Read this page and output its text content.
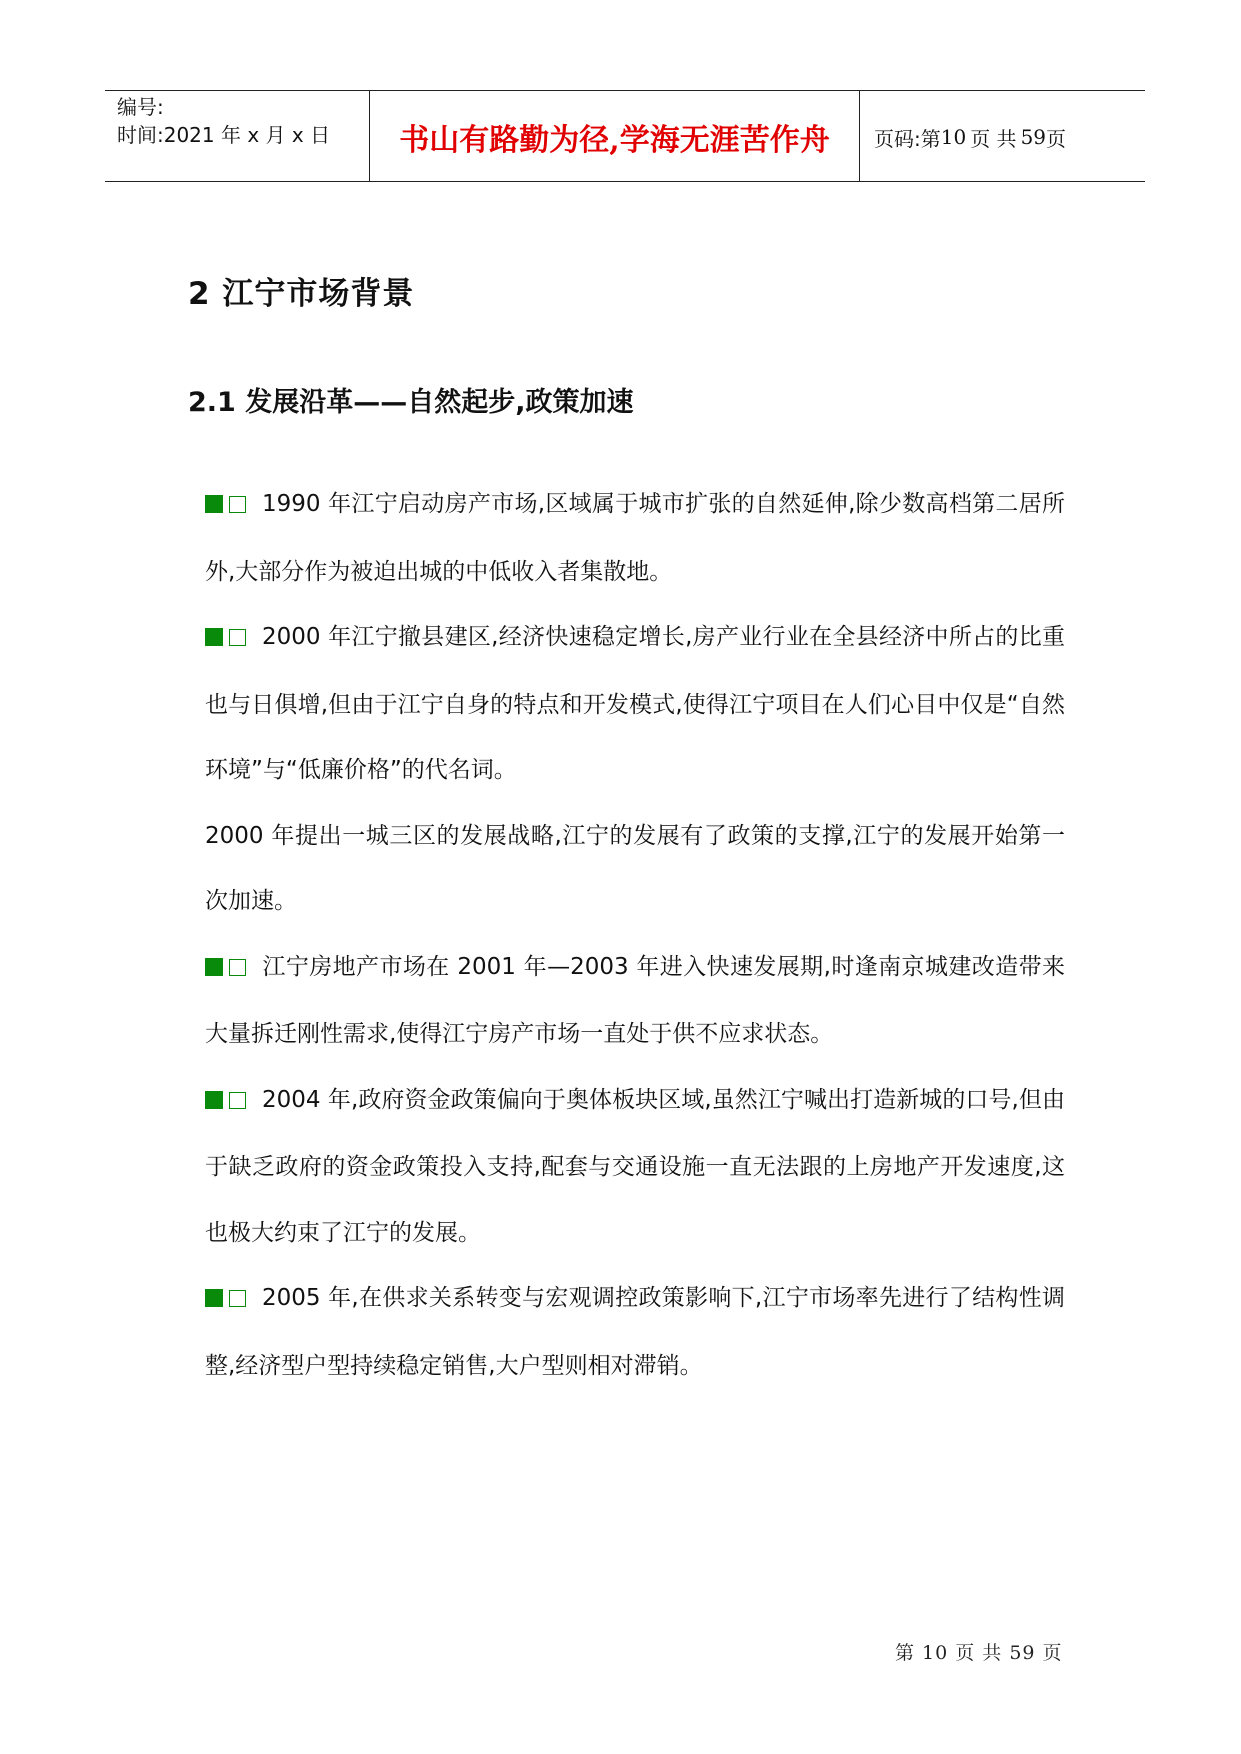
编号:
时间:2021 年 x 月 x 日	书山有路勤为径,学海无涯苦作舟	页码:第 10 页 共 59 页
2 江宁市场背景
2.1 发展沿革——自然起步,政策加速

1990 年江宁启动房产市场,区域属于城市扩张的自然延伸,除少数高档第二居所外,大部分作为被迫出城的中低收入者集散地。

2000 年江宁撤县建区,经济快速稳定增长,房产业行业在全县经济中所占的比重也与日俱增,但由于江宁自身的特点和开发模式,使得江宁项目在人们心目中仅是“自然环境”与“低廉价格”的代名词。

2000 年提出一城三区的发展战略,江宁的发展有了政策的支撑,江宁的发展开始第一次加速。

江宁房地产市场在 2001 年—2003 年进入快速发展期,时逢南京城建改造带来大量拆迁刚性需求,使得江宁房产市场一直处于供不应求状态。

2004 年,政府资金政策偏向于奥体板块区域,虽然江宁喊出打造新城的口号,但由于缺乏政府的资金政策投入支持,配套与交通设施一直无法跟的上房地产开发速度,这也极大约束了江宁的发展。

2005 年,在供求关系转变与宏观调控政策影响下,江宁市场率先进行了结构性调整,经济型户型持续稳定销售,大户型则相对滞销。

第 10 页 共 59 页
